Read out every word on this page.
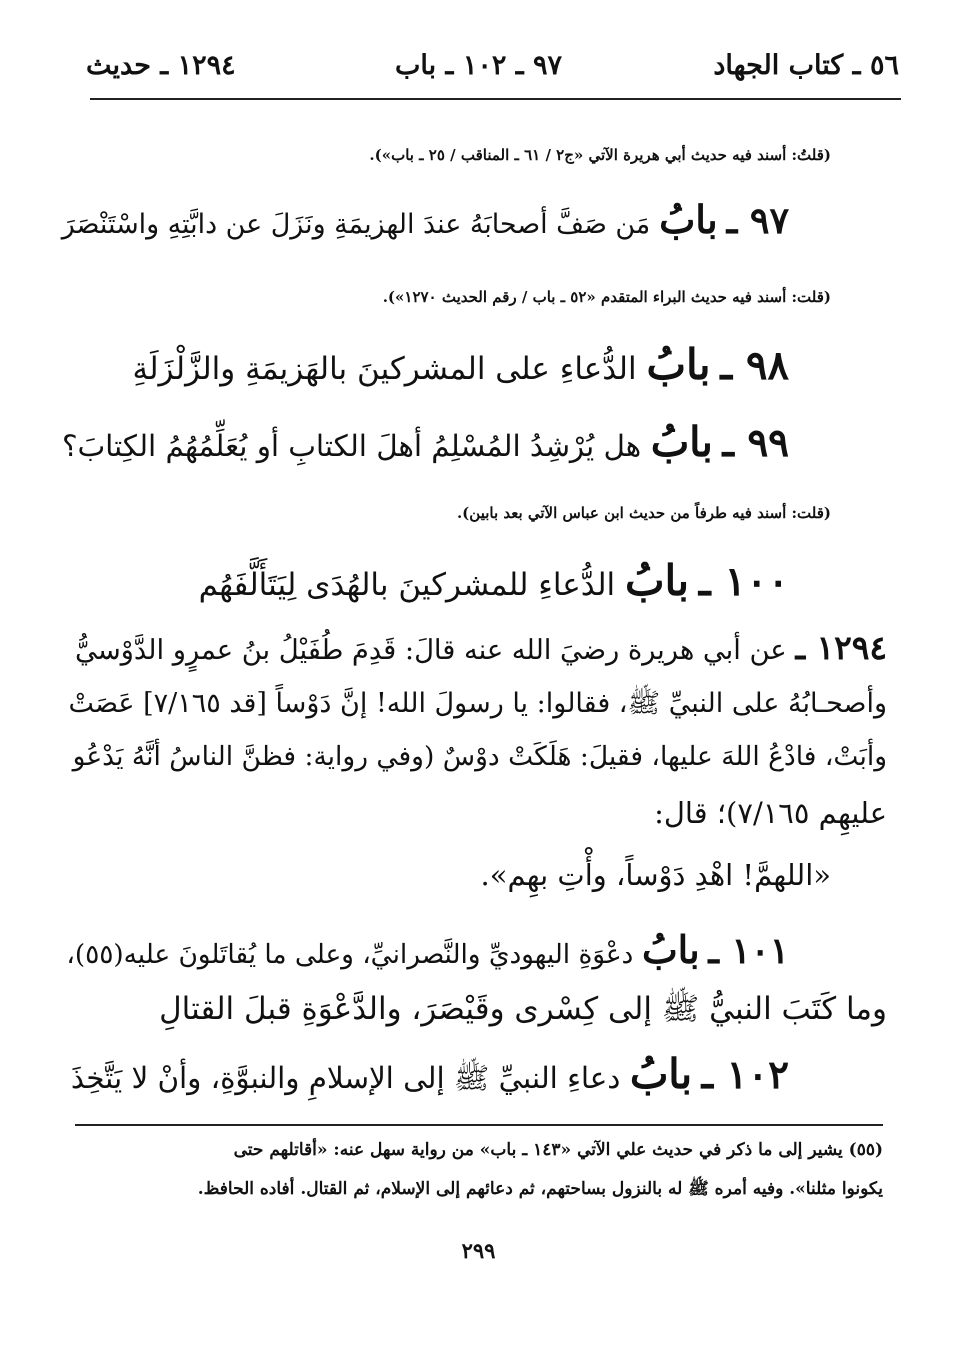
٥٦ ـ كتاب الجهاد
٩٧ ـ ١٠٢ ـ باب
١٢٩٤ ـ حديث
(قلتُ: أسند فيه حديث أبي هريرة الآتي «ج٢ / ٦١ ـ المناقب / ٢٥ ـ باب»).
٩٧ ـ بابُ مَن صَفَّ أصحابَهُ عندَ الهزيمَةِ ونَزَلَ عن دابَّتِهِ واسْتَنْصَرَ
(قلت: أسند فيه حديث البراء المتقدم «٥٢ ـ باب / رقم الحديث ١٢٧٠»).
٩٨ ـ بابُ الدُّعاءِ على المشركينَ بالهَزيمَةِ والزَّلْزَلَةِ
٩٩ ـ بابُ هل يُرْشِدُ المُسْلِمُ أهلَ الكتابِ أو يُعَلِّمُهُمُ الكِتابَ؟
(قلت: أسند فيه طرفاً من حديث ابن عباس الآتي بعد بابين).
١٠٠ ـ بابُ الدُّعاءِ للمشركينَ بالهُدَى لِيَتَأَلَّفَهُم
١٢٩٤ ـ عن أبي هريرة رضيَ الله عنه قالَ: قَدِمَ طُفَيْلُ بنُ عمرٍو الدَّوْسيُّ
وأصحـابُهُ على النبيِّ ﷺ، فقالوا: يا رسولَ الله! إنَّ دَوْساً [قد ٧/١٦٥] عَصَتْ
وأبَتْ، فادْعُ اللهَ عليها، فقيلَ: هَلَكَتْ دوْسٌ (وفي رواية: فظنَّ الناسُ أنَّهُ يَدْعُو
عليهِم ٧/١٦٥)؛ قال:
«اللهمَّ! اهْدِ دَوْساً، وأْتِ بهِم».
١٠١ ـ بابُ دعْوَةِ اليهوديِّ والنَّصرانيِّ، وعلى ما يُقاتَلونَ عليه(٥٥)،
وما كَتَبَ النبيُّ ﷺ إلى كِسْرى وقَيْصَرَ، والدَّعْوَةِ قبلَ القتالِ
١٠٢ ـ بابُ دعاءِ النبيِّ ﷺ إلى الإسلامِ والنبوَّةِ، وأنْ لا يَتَّخِذَ
(٥٥) يشير إلى ما ذكر في حديث علي الآتي «١٤٣ ـ باب» من رواية سهل عنه: «أقاتلهم حتى
يكونوا مثلنا». وفيه أمره ﷺ له بالنزول بساحتهم، ثم دعائهم إلى الإسلام، ثم القتال. أفاده الحافظ.
٢٩٩
